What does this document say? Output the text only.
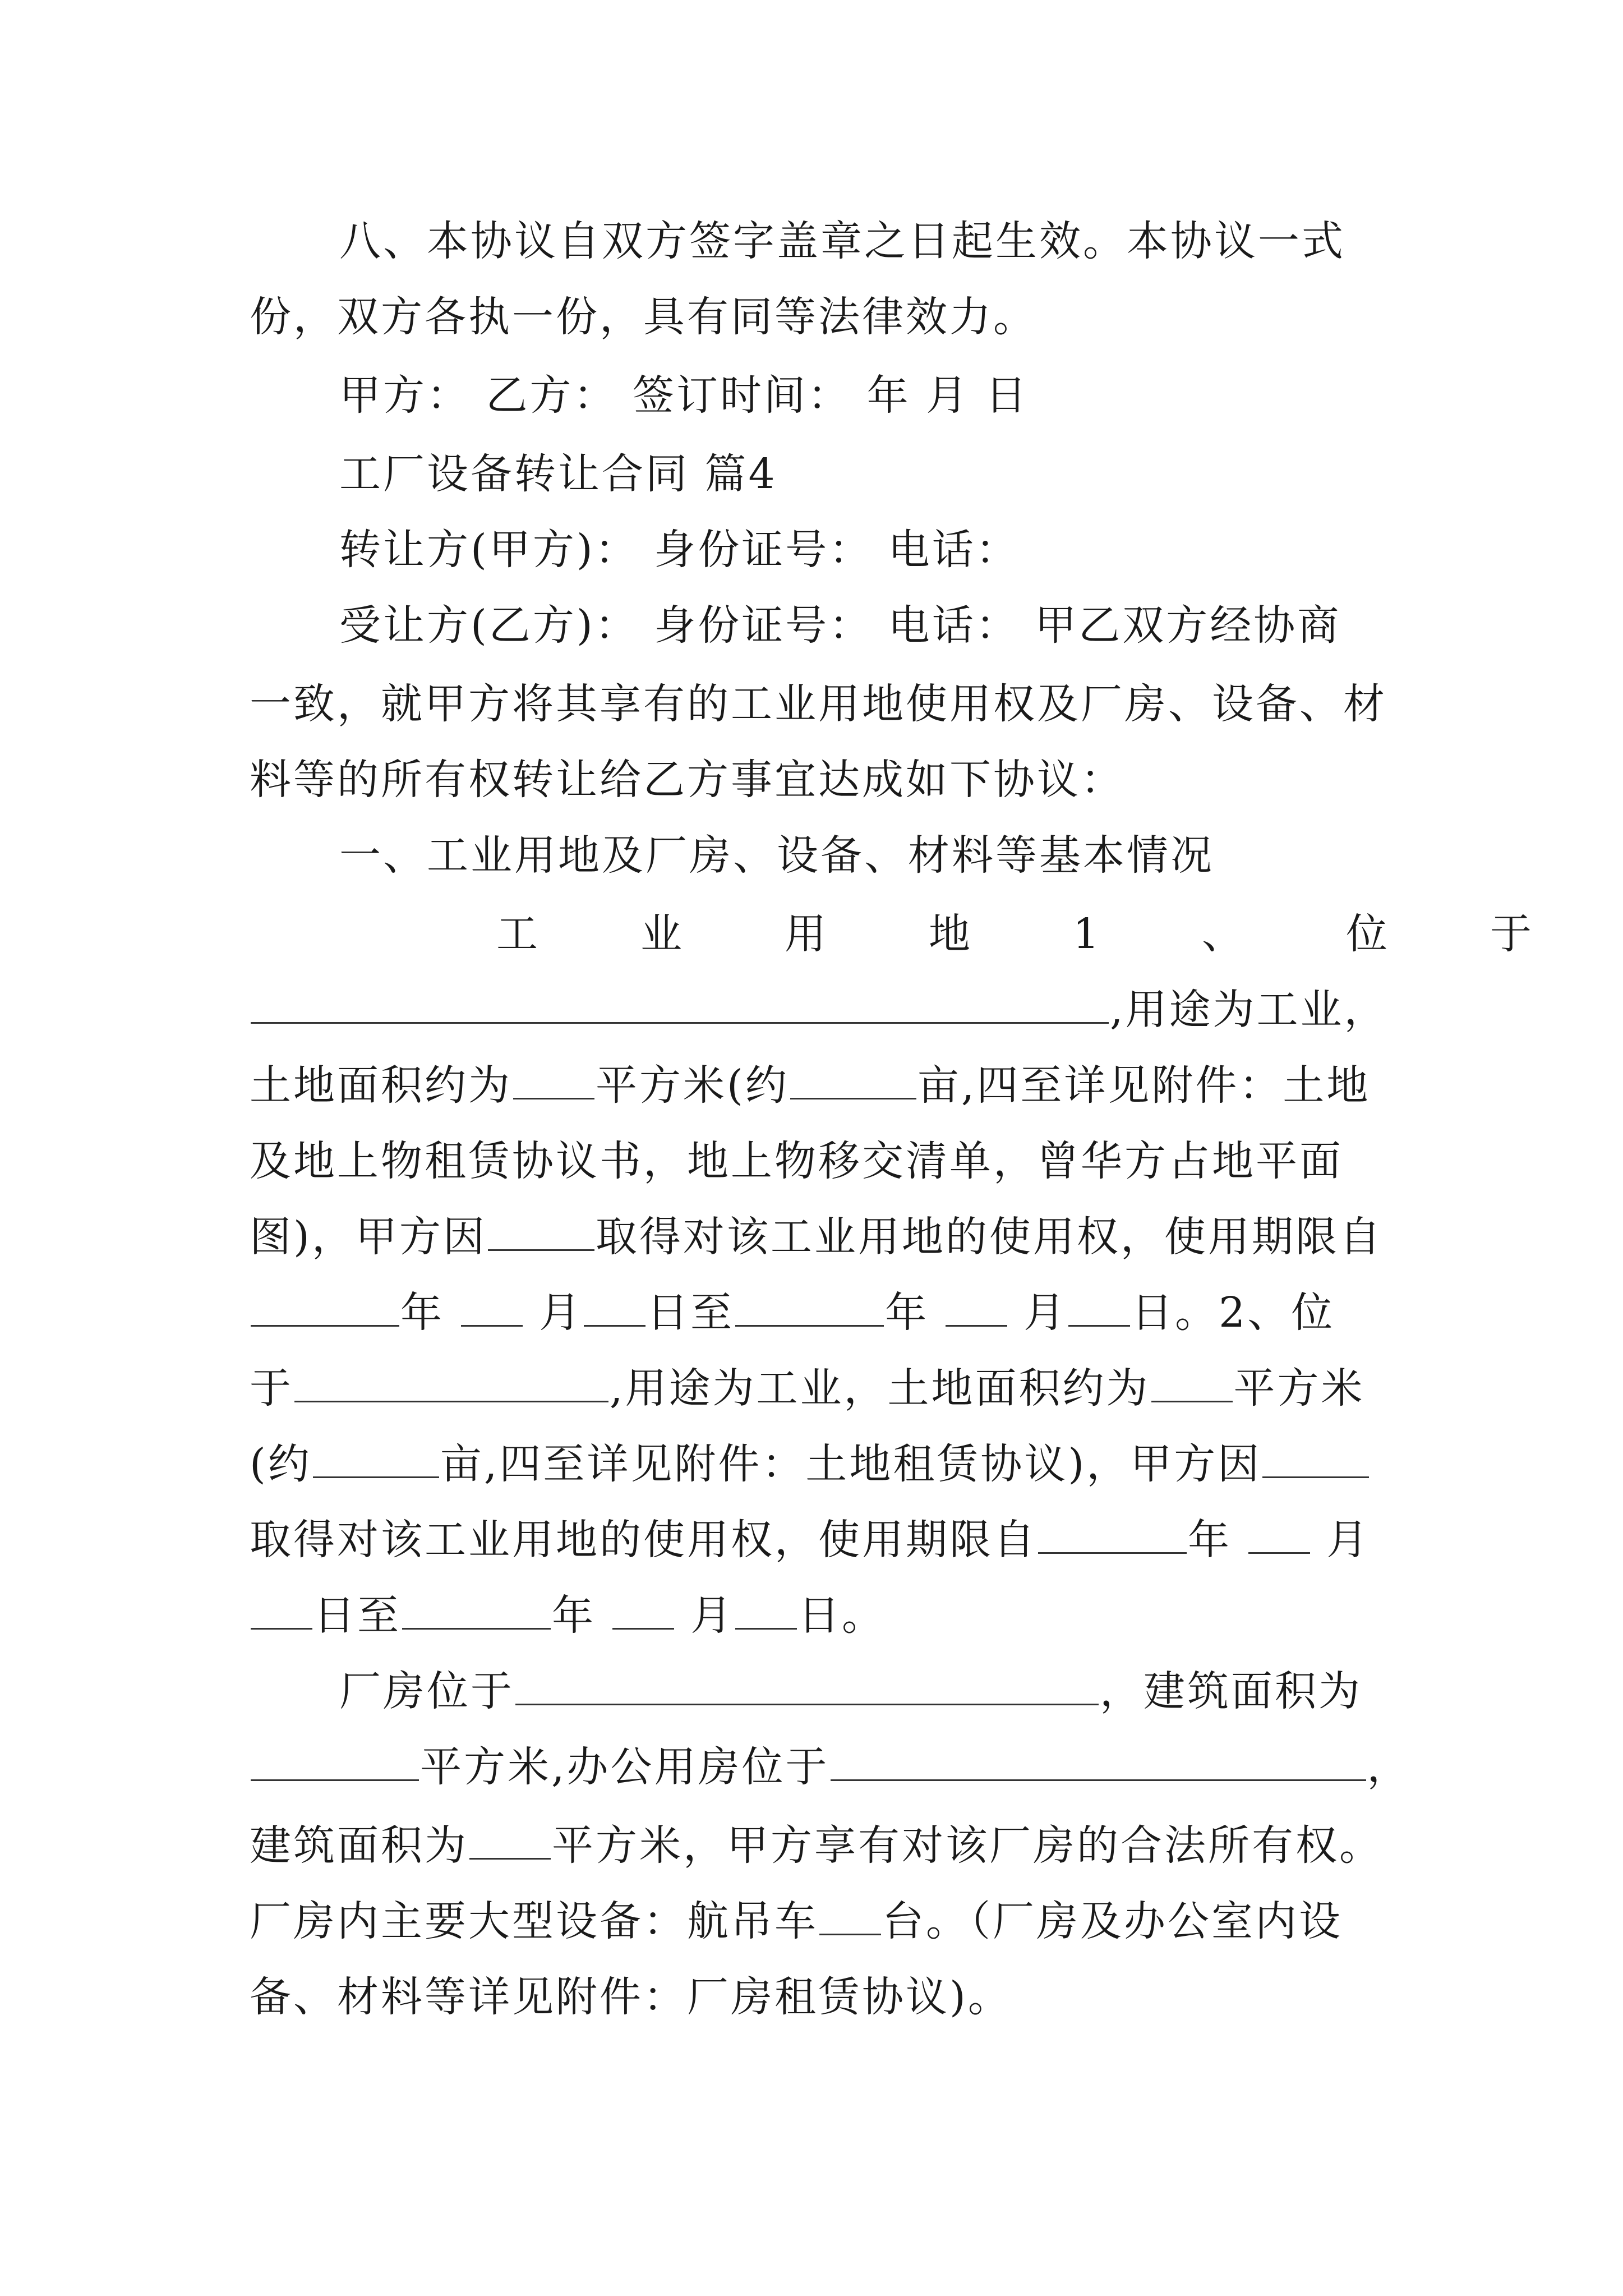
八、本协议自双方签字盖章之日起生效。本协议一式
份，双方各执一份，具有同等法律效力。
甲方： 乙方： 签订时间： 年 月 日
工厂设备转让合同 篇4
转让方(甲方)： 身份证号： 电话：
受让方(乙方)： 身份证号： 电话： 甲乙双方经协商
一致，就甲方将其享有的工业用地使用权及厂房、设备、材
料等的所有权转让给乙方事宜达成如下协议：
一、工业用地及厂房、设备、材料等基本情况
工 业 用 地 1 、 位 于
,用途为工业，
土地面积约为 平方米(约	亩,四至详见附件：土地
及地上物租赁协议书，地上物移交清单，曾华方占地平面
图)，甲方因	取得对该工业用地的使用权，使用期限自
年 月 日至	年 月 日。2、位
于	,用途为工业，土地面积约为 平方米
(约	亩,四至详见附件：土地租赁协议)，甲方因
取得对该工业用地的使用权，使用期限自	年 月
日至	年 月 日。
厂房位于	，建筑面积为
平方米,办公用房位于	，
建筑面积为 平方米，甲方享有对该厂房的合法所有权。
厂房内主要大型设备：航吊车 台。（厂房及办公室内设
备、材料等详见附件：厂房租赁协议)。
